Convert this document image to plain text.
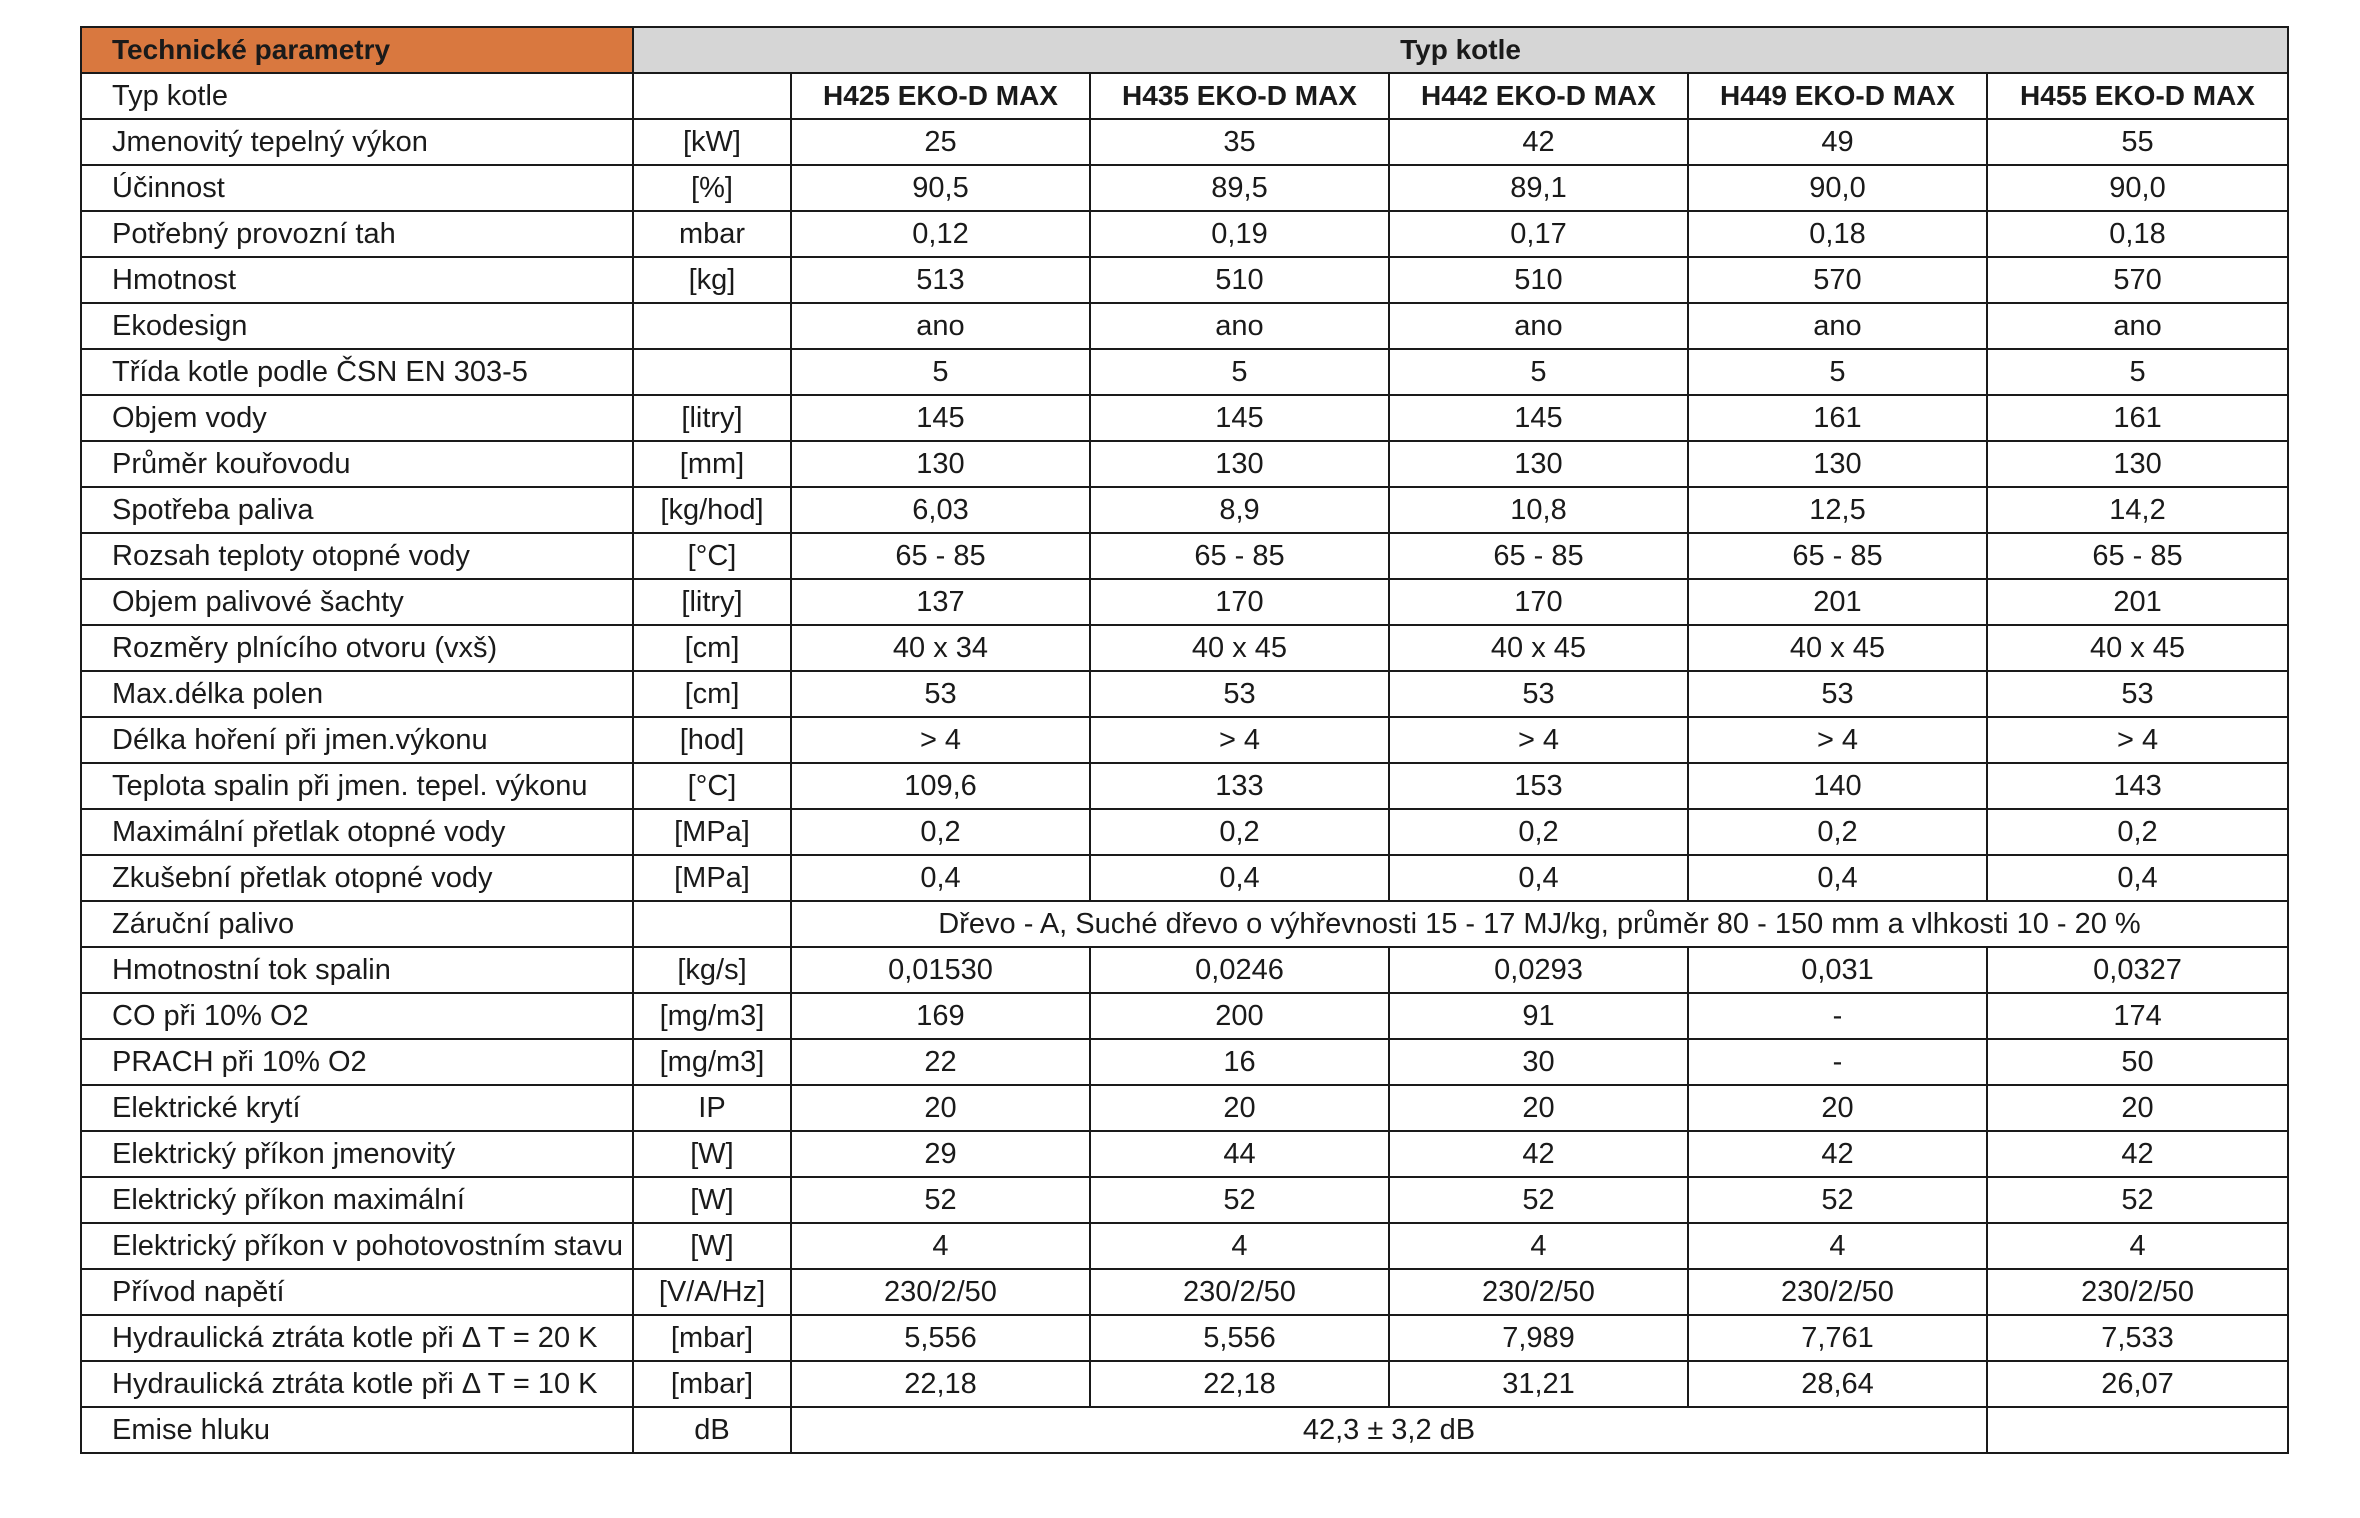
Technické parametry	Typ kotle					
Typ kotle		H425 EKO-D MAX	H435 EKO-D MAX	H442 EKO-D MAX	H449 EKO-D MAX	H455 EKO-D MAX
Jmenovitý tepelný výkon	[kW]	25	35	42	49	55
Účinnost	[%]	90,5	89,5	89,1	90,0	90,0
Potřebný provozní tah	mbar	0,12	0,19	0,17	0,18	0,18
Hmotnost	[kg]	513	510	510	570	570
Ekodesign		ano	ano	ano	ano	ano
Třída kotle podle ČSN EN 303-5		5	5	5	5	5
Objem vody	[litry]	145	145	145	161	161
Průměr kouřovodu	[mm]	130	130	130	130	130
Spotřeba paliva	[kg/hod]	6,03	8,9	10,8	12,5	14,2
Rozsah teploty otopné vody	[°C]	65 - 85	65 - 85	65 - 85	65 - 85	65 - 85
Objem palivové šachty	[litry]	137	170	170	201	201
Rozměry plnícího otvoru (vxš)	[cm]	40 x 34	40 x 45	40 x 45	40 x 45	40 x 45
Max.délka polen	[cm]	53	53	53	53	53
Délka hoření při jmen.výkonu	[hod]	> 4	> 4	> 4	> 4	> 4
Teplota spalin při jmen. tepel. výkonu	[°C]	109,6	133	153	140	143
Maximální přetlak otopné vody	[MPa]	0,2	0,2	0,2	0,2	0,2
Zkušební přetlak otopné vody	[MPa]	0,4	0,4	0,4	0,4	0,4
Záruční palivo		Dřevo - A, Suché dřevo o výhřevnosti 15 - 17 MJ/kg, průměr 80 - 150 mm a vlhkosti 10 - 20 %				
Hmotnostní tok spalin	[kg/s]	0,01530	0,0246	0,0293	0,031	0,0327
CO při 10% O2	[mg/m3]	169	200	91	-	174
PRACH při 10% O2	[mg/m3]	22	16	30	-	50
Elektrické krytí	IP	20	20	20	20	20
Elektrický příkon jmenovitý	[W]	29	44	42	42	42
Elektrický příkon maximální	[W]	52	52	52	52	52
Elektrický příkon v pohotovostním stavu	[W]	4	4	4	4	4
Přívod napětí	[V/A/Hz]	230/2/50	230/2/50	230/2/50	230/2/50	230/2/50
Hydraulická ztráta kotle při Δ T = 20 K	[mbar]	5,556	5,556	7,989	7,761	7,533
Hydraulická ztráta kotle při Δ T = 10 K	[mbar]	22,18	22,18	31,21	28,64	26,07
Emise hluku	dB	42,3 ± 3,2 dB				
